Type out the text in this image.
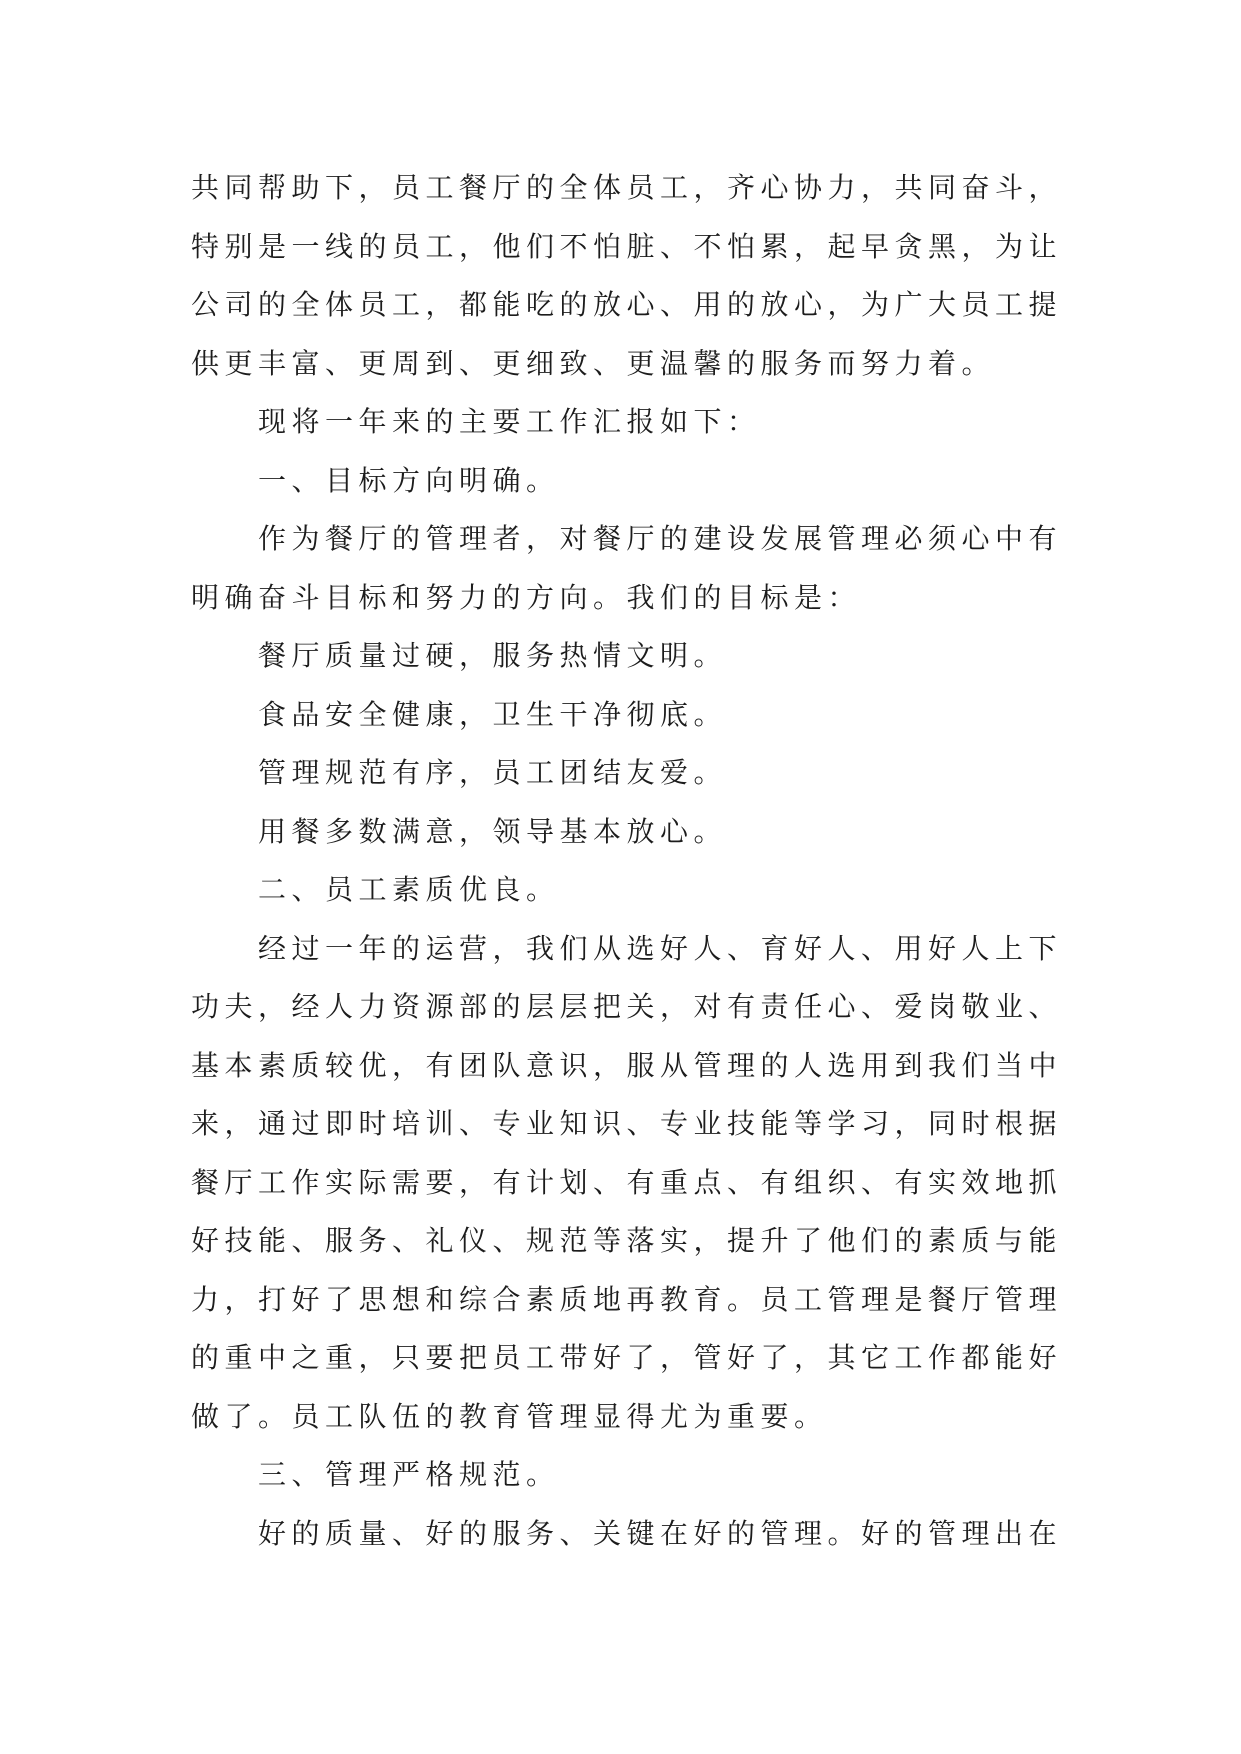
共同帮助下，员工餐厅的全体员工，齐心协力，共同奋斗，
特别是一线的员工，他们不怕脏、不怕累，起早贪黑，为让
公司的全体员工，都能吃的放心、用的放心，为广大员工提
供更丰富、更周到、更细致、更温馨的服务而努力着。
现将一年来的主要工作汇报如下：
一、目标方向明确。
作为餐厅的管理者，对餐厅的建设发展管理必须心中有
明确奋斗目标和努力的方向。我们的目标是：
餐厅质量过硬，服务热情文明。
食品安全健康，卫生干净彻底。
管理规范有序，员工团结友爱。
用餐多数满意，领导基本放心。
二、员工素质优良。
经过一年的运营，我们从选好人、育好人、用好人上下
功夫，经人力资源部的层层把关，对有责任心、爱岗敬业、
基本素质较优，有团队意识，服从管理的人选用到我们当中
来，通过即时培训、专业知识、专业技能等学习，同时根据
餐厅工作实际需要，有计划、有重点、有组织、有实效地抓
好技能、服务、礼仪、规范等落实，提升了他们的素质与能
力，打好了思想和综合素质地再教育。员工管理是餐厅管理
的重中之重，只要把员工带好了，管好了，其它工作都能好
做了。员工队伍的教育管理显得尤为重要。
三、管理严格规范。
好的质量、好的服务、关键在好的管理。好的管理出在
